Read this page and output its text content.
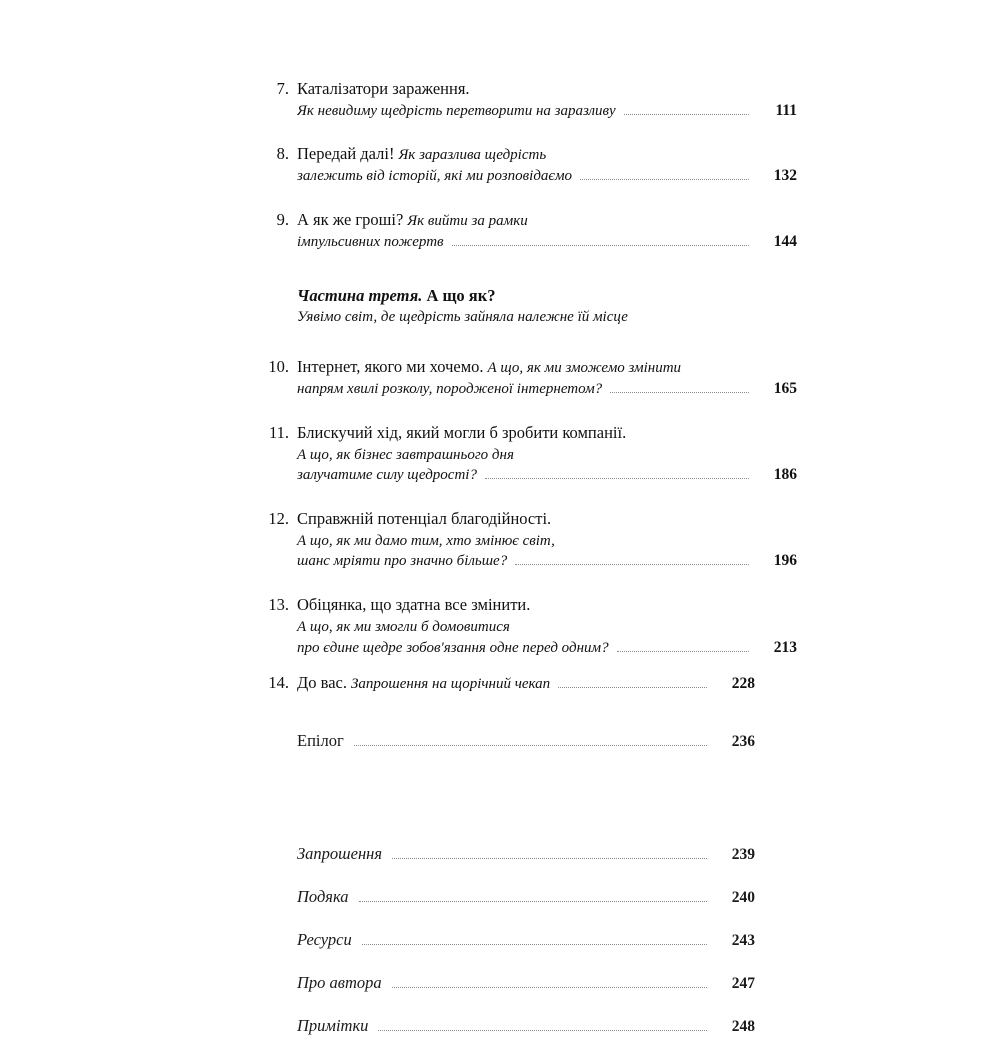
7. Каталізатори зараження.
Як невидиму щедрість перетворити на заразливу	111
8. Передай далі! Як заразлива щедрість
залежить від історій, які ми розповідаємо	132
9. А як же гроші? Як вийти за рамки
імпульсивних пожертв	144
Частина третя. А що як?
Уявімо світ, де щедрість зайняла належне їй місце
10. Інтернет, якого ми хочемо. А що, як ми зможемо змінити
напрям хвилі розколу, породженої інтернетом?	165
11. Блискучий хід, який могли б зробити компанії.
А що, як бізнес завтрашнього дня
залучатиме силу щедрості?	186
12. Справжній потенціал благодійності.
А що, як ми дамо тим, хто змінює світ,
шанс мріяти про значно більше?	196
13. Обіцянка, що здатна все змінити.
А що, як ми змогли б домовитися
про єдине щедре зобов'язання одне перед одним?	213
14. До вас. Запрошення на щорічний чекап	228
Епілог	236
Запрошення	239
Подяка	240
Ресурси	243
Про автора	247
Примітки	248
